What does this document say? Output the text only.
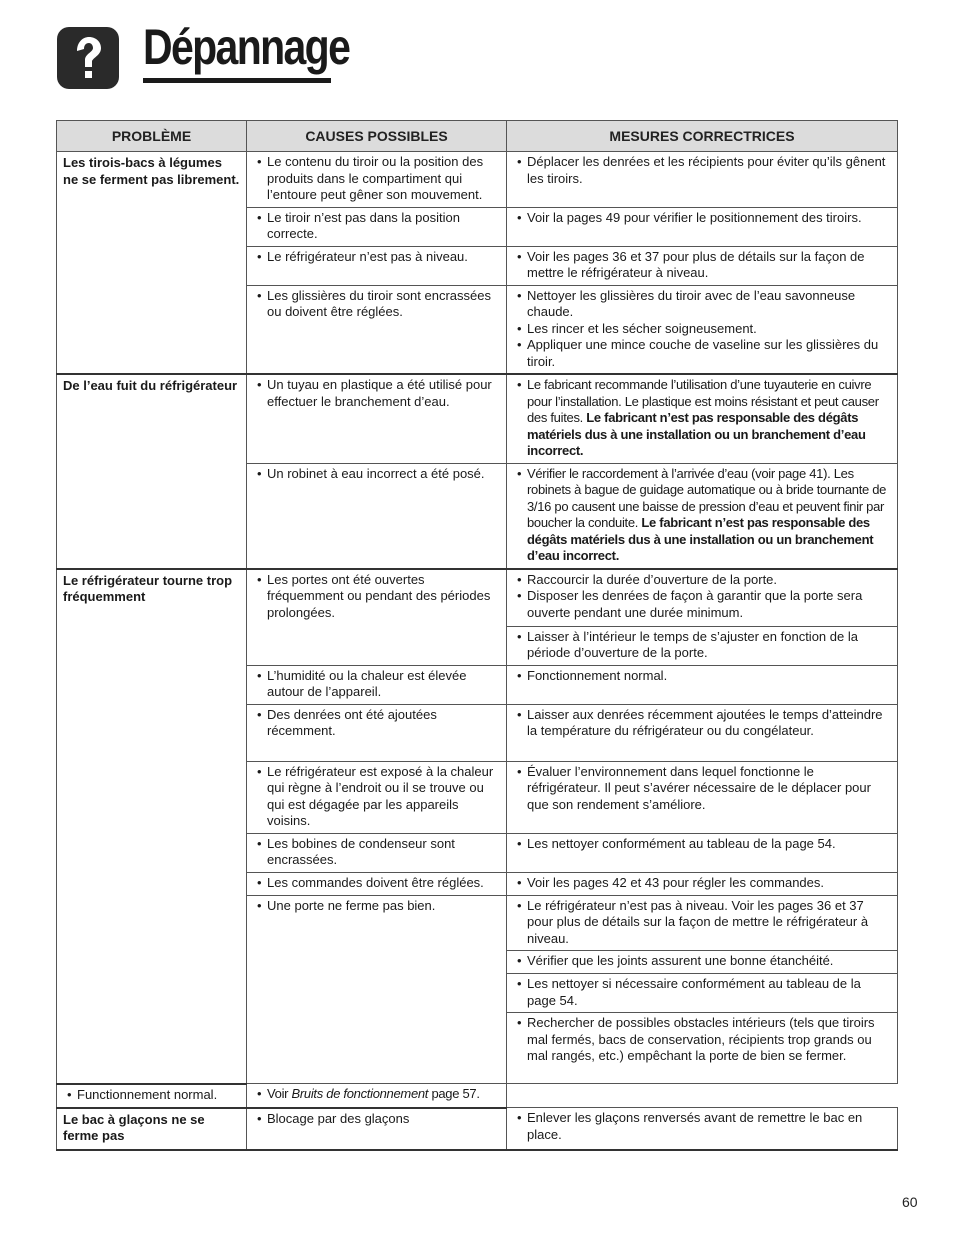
Dépannage
PROBLÈME	CAUSES POSSIBLES	MESURES CORRECTRICES
Les tirois-bacs à légumes ne se ferment pas librement.	• Le contenu du tiroir ou la position des produits dans le compartiment qui l’entoure peut gêner son mouvement.	• Déplacer les denrées et les récipients pour éviter qu’ils gênent les tiroirs.

	• Le tiroir n’est pas dans la position correcte.	• Voir la pages 49 pour vérifier le positionnement des tiroirs.

	• Le réfrigérateur n’est pas à niveau.	• Voir les pages 36 et 37 pour plus de détails sur la façon de mettre le réfrigérateur à niveau.

	• Les glissières du tiroir sont encrassées ou doivent être réglées.	• Nettoyer les glissières du tiroir avec de l’eau savonneuse chaude.
• Les rincer et les sécher soigneusement.
• Appliquer une mince couche de vaseline sur les glissières du tiroir.

De l’eau fuit du réfrigérateur	• Un tuyau en plastique a été utilisé pour effectuer le branchement d’eau.	• Le fabricant recommande l’utilisation d’une tuyauterie en cuivre pour l’installation. Le plastique est moins résistant et peut causer des fuites. Le fabricant n’est pas responsable des dégâts matériels dus à une installation ou un branchement d’eau incorrect.

	• Un robinet à eau incorrect a été posé.	• Vérifier le raccordement à l’arrivée d’eau (voir page 41). Les robinets à bague de guidage automatique ou à bride tournante de 3/16 po causent une baisse de pression d’eau et peuvent finir par boucher la conduite. Le fabricant n’est pas responsable des dégâts matériels dus à une installation ou un branchement d’eau incorrect.

Le réfrigérateur tourne trop fréquemment	• Les portes ont été ouvertes fréquemment ou pendant des périodes prolongées.	• Raccourcir la durée d’ouverture de la porte.
• Disposer les denrées de façon à garantir que la porte sera ouverte pendant une durée minimum.

		• Laisser à l’intérieur le temps de s’ajuster en fonction de la période d’ouverture de la porte.

	• L’humidité ou la chaleur est élevée autour de l’appareil.	• Fonctionnement normal.

	• Des denrées ont été ajoutées récemment.	• Laisser aux denrées récemment ajoutées le temps d’atteindre la température du réfrigérateur ou du congélateur.

	• Le réfrigérateur est exposé à la chaleur qui règne à l’endroit ou il se trouve ou qui est dégagée par les appareils voisins.	• Évaluer l’environnement dans lequel fonctionne le réfrigérateur. Il peut s’avérer nécessaire de le déplacer pour que son rendement s’améliore.

	• Les bobines de condenseur sont encrassées.	• Les nettoyer conformément au tableau de la page 54.

	• Les commandes doivent être réglées.	• Voir les pages 42 et 43 pour régler les commandes.

	• Une porte ne ferme pas bien.	• Le réfrigérateur n’est pas à niveau. Voir les pages 36 et 37 pour plus de détails sur la façon de mettre le réfrigérateur à niveau.

		• Vérifier que les joints assurent une bonne étanchéité.

		• Les nettoyer si nécessaire conformément au tableau de la page 54.

		• Rechercher de possibles obstacles intérieurs (tels que tiroirs mal fermés, bacs de conservation, récipients trop grands ou mal rangés, etc.) empêchant la porte de bien se fermer.

• Functionnement normal.	• Voir Bruits de fonctionnement page 57.

Le bac à glaçons ne se ferme pas	• Blocage par des glaçons	• Enlever les glaçons renversés avant de remettre le bac en place.
60
